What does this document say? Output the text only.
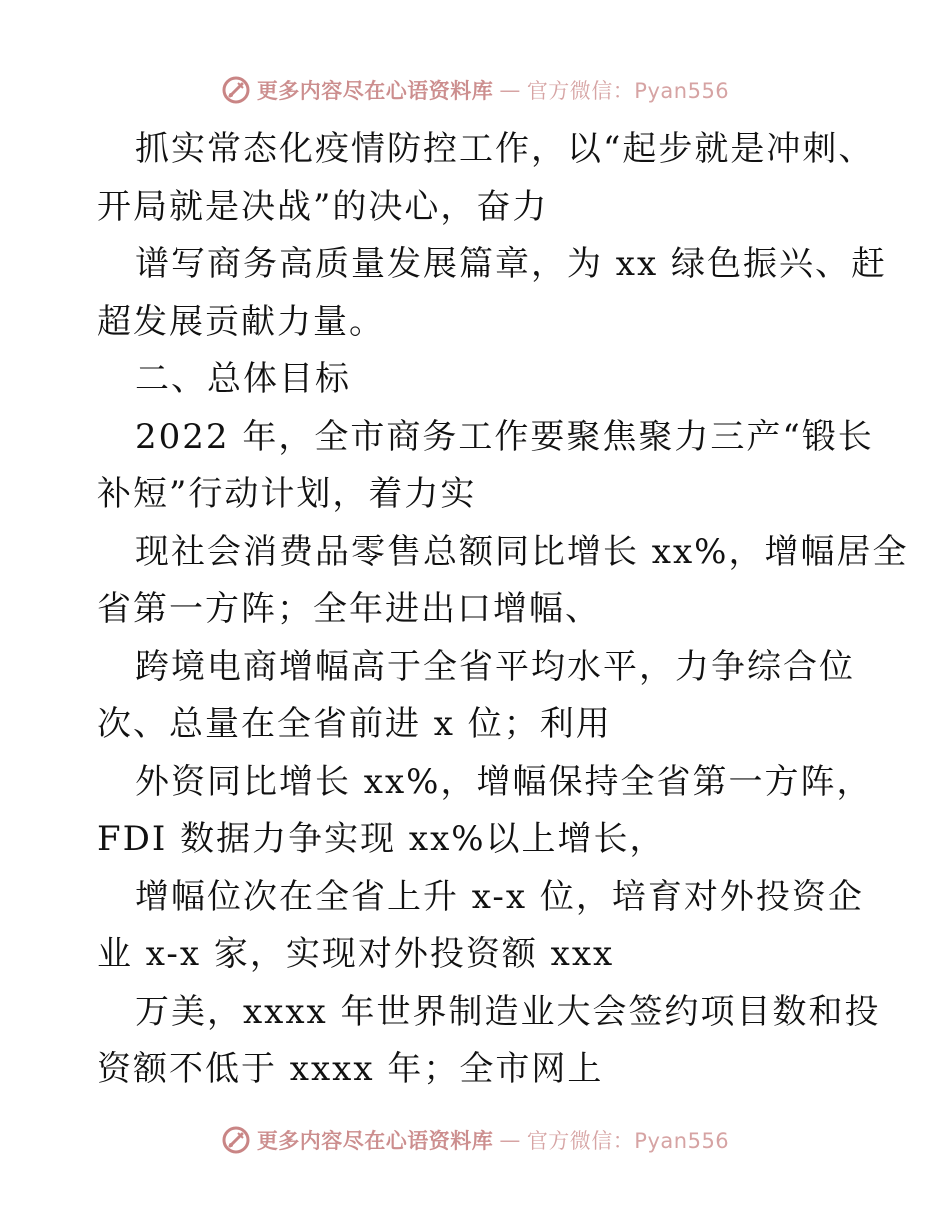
更多内容尽在心语资料库 — 官方微信：Pyan556
抓实常态化疫情防控工作，以“起步就是冲刺、
开局就是决战”的决心，奋力
谱写商务高质量发展篇章，为 xx 绿色振兴、赶
超发展贡献力量。
二、总体目标
2022 年，全市商务工作要聚焦聚力三产“锻长
补短”行动计划，着力实
现社会消费品零售总额同比增长 xx%，增幅居全
省第一方阵；全年进出口增幅、
跨境电商增幅高于全省平均水平，力争综合位
次、总量在全省前进 x 位；利用
外资同比增长 xx%，增幅保持全省第一方阵，
FDI 数据力争实现 xx%以上增长，
增幅位次在全省上升 x-x 位，培育对外投资企
业 x-x 家，实现对外投资额 xxx
万美，xxxx 年世界制造业大会签约项目数和投
资额不低于 xxxx 年；全市网上
更多内容尽在心语资料库 — 官方微信：Pyan556
